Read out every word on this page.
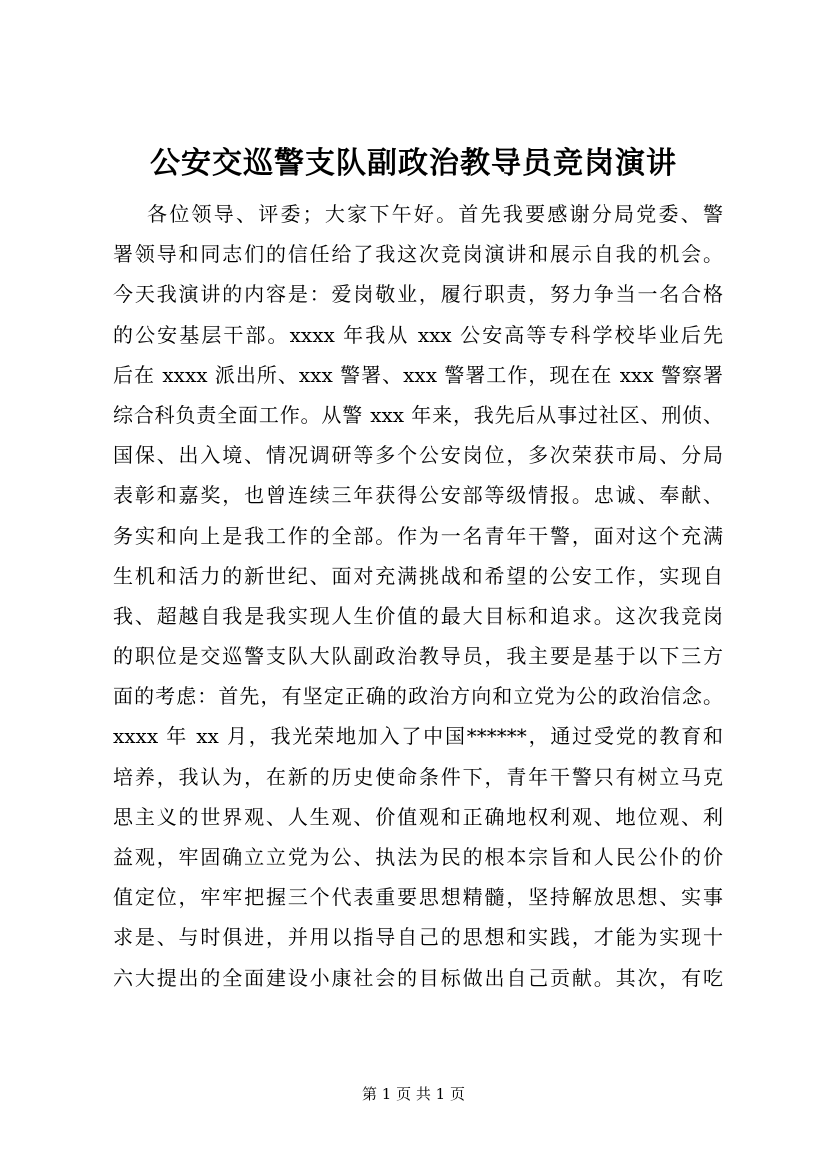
公安交巡警支队副政治教导员竞岗演讲
各位领导、评委；大家下午好。首先我要感谢分局党委、警
署领导和同志们的信任给了我这次竞岗演讲和展示自我的机会。
今天我演讲的内容是：爱岗敬业，履行职责，努力争当一名合格
的公安基层干部。xxxx 年我从 xxx 公安高等专科学校毕业后先
后在 xxxx 派出所、xxx 警署、xxx 警署工作，现在在 xxx 警察署
综合科负责全面工作。从警 xxx 年来，我先后从事过社区、刑侦、
国保、出入境、情况调研等多个公安岗位，多次荣获市局、分局
表彰和嘉奖，也曾连续三年获得公安部等级情报。忠诚、奉献、
务实和向上是我工作的全部。作为一名青年干警，面对这个充满
生机和活力的新世纪、面对充满挑战和希望的公安工作，实现自
我、超越自我是我实现人生价值的最大目标和追求。这次我竞岗
的职位是交巡警支队大队副政治教导员，我主要是基于以下三方
面的考虑：首先，有坚定正确的政治方向和立党为公的政治信念。
xxxx 年 xx 月，我光荣地加入了中国******，通过受党的教育和
培养，我认为，在新的历史使命条件下，青年干警只有树立马克
思主义的世界观、人生观、价值观和正确地权利观、地位观、利
益观，牢固确立立党为公、执法为民的根本宗旨和人民公仆的价
值定位，牢牢把握三个代表重要思想精髓，坚持解放思想、实事
求是、与时俱进，并用以指导自己的思想和实践，才能为实现十
六大提出的全面建设小康社会的目标做出自己贡献。其次，有吃
第 1 页 共 1 页
